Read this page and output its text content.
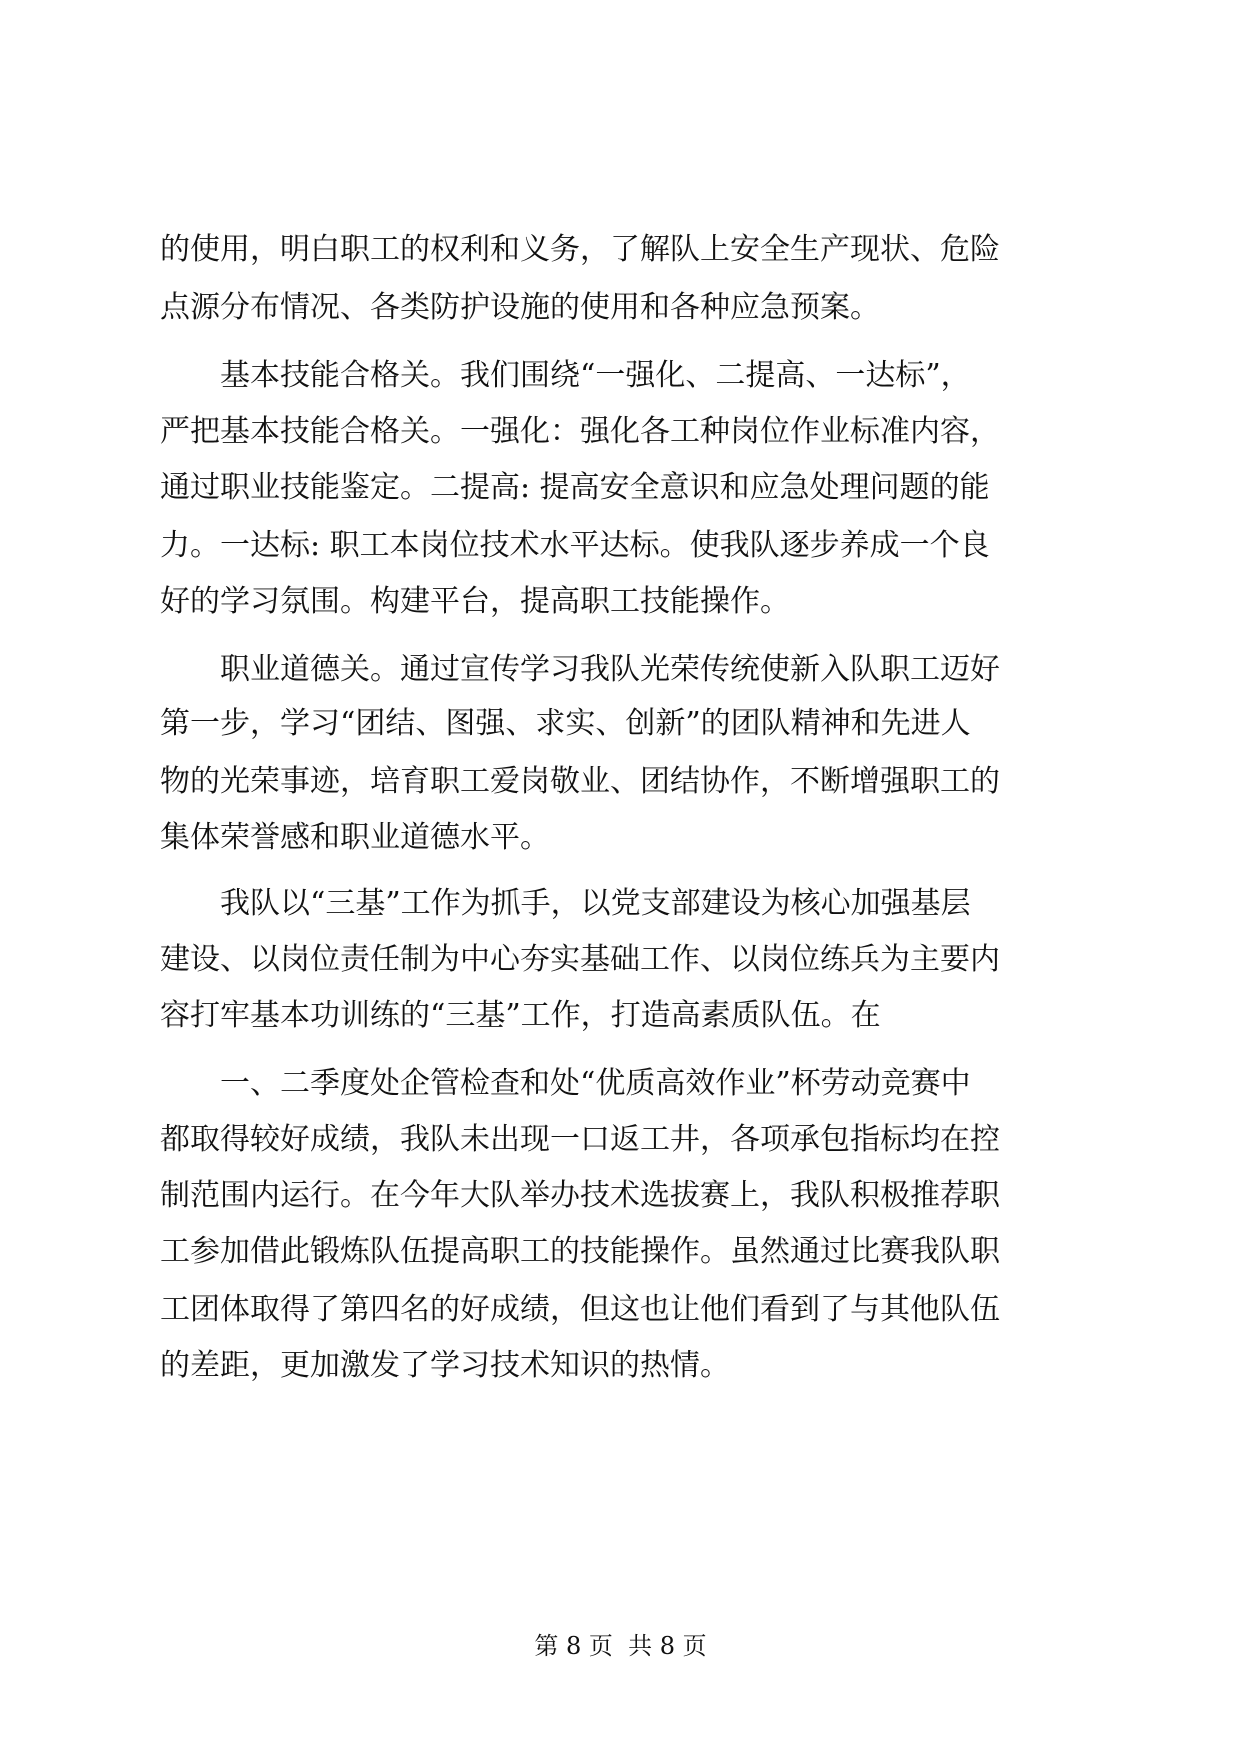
的使用，明白职工的权利和义务，了解队上安全生产现状、危险
点源分布情况、各类防护设施的使用和各种应急预案。
基本技能合格关。我们围绕“一强化、二提高、一达标”，
严把基本技能合格关。一强化：强化各工种岗位作业标准内容，
通过职业技能鉴定。二提高: 提高安全意识和应急处理问题的能
力。一达标: 职工本岗位技术水平达标。使我队逐步养成一个良
好的学习氛围。构建平台，提高职工技能操作。
职业道德关。通过宣传学习我队光荣传统使新入队职工迈好
第一步，学习“团结、图强、求实、创新”的团队精神和先进人
物的光荣事迹，培育职工爱岗敬业、团结协作，不断增强职工的
集体荣誉感和职业道德水平。
我队以“三基”工作为抓手，以党支部建设为核心加强基层
建设、以岗位责任制为中心夯实基础工作、以岗位练兵为主要内
容打牢基本功训练的“三基”工作，打造高素质队伍。在
一、二季度处企管检查和处“优质高效作业”杯劳动竞赛中
都取得较好成绩，我队未出现一口返工井，各项承包指标均在控
制范围内运行。在今年大队举办技术选拔赛上，我队积极推荐职
工参加借此锻炼队伍提高职工的技能操作。虽然通过比赛我队职
工团体取得了第四名的好成绩，但这也让他们看到了与其他队伍
的差距，更加激发了学习技术知识的热情。
第 8 页 共 8 页
